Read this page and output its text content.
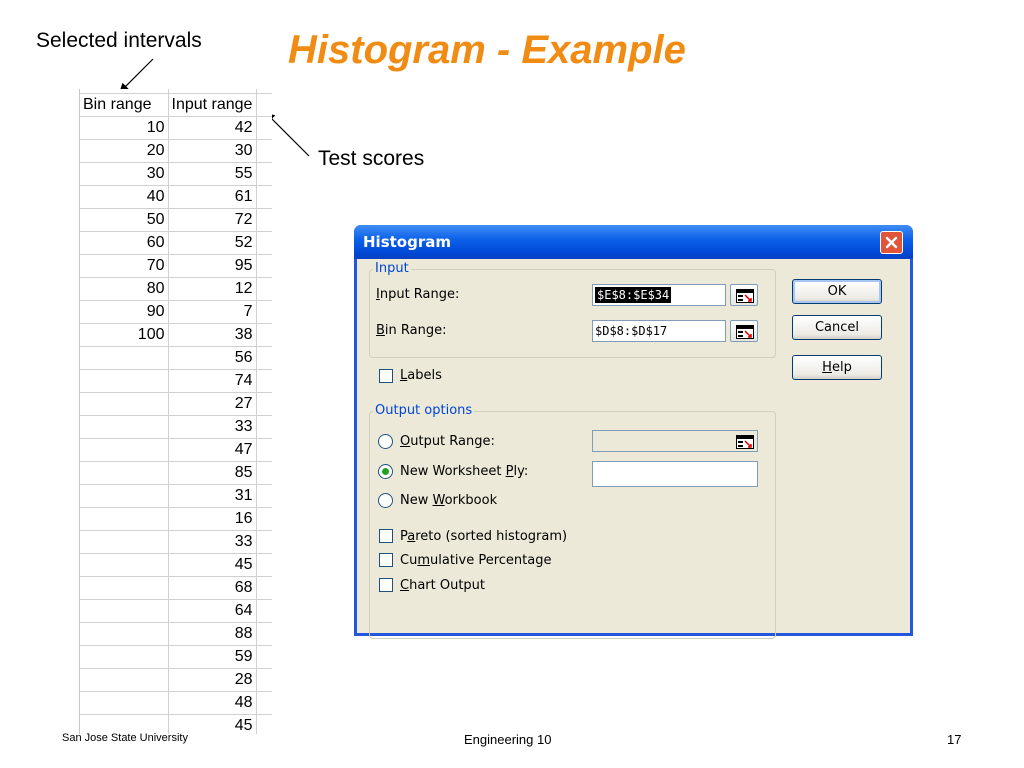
Histogram - Example
Selected intervals
Test scores

Bin range	Input range	
10	42	
20	30	
30	55	
40	61	
50	72	
60	52	
70	95	
80	12	
90	7	
100	38	
	56	
	74	
	27	
	33	
	47	
	85	
	31	
	16	
	33	
	45	
	68	
	64	
	88	
	59	
	28	
	48	
	45	

Histogram
Input
Input Range:	$E$8:$E$34
Bin Range:	$D$8:$D$17
Labels
Output options
Output Range:
New Worksheet Ply:
New Workbook
Pareto (sorted histogram)
Cumulative Percentage
Chart Output
OK
Cancel
Help
San Jose State University	Engineering 10	17
